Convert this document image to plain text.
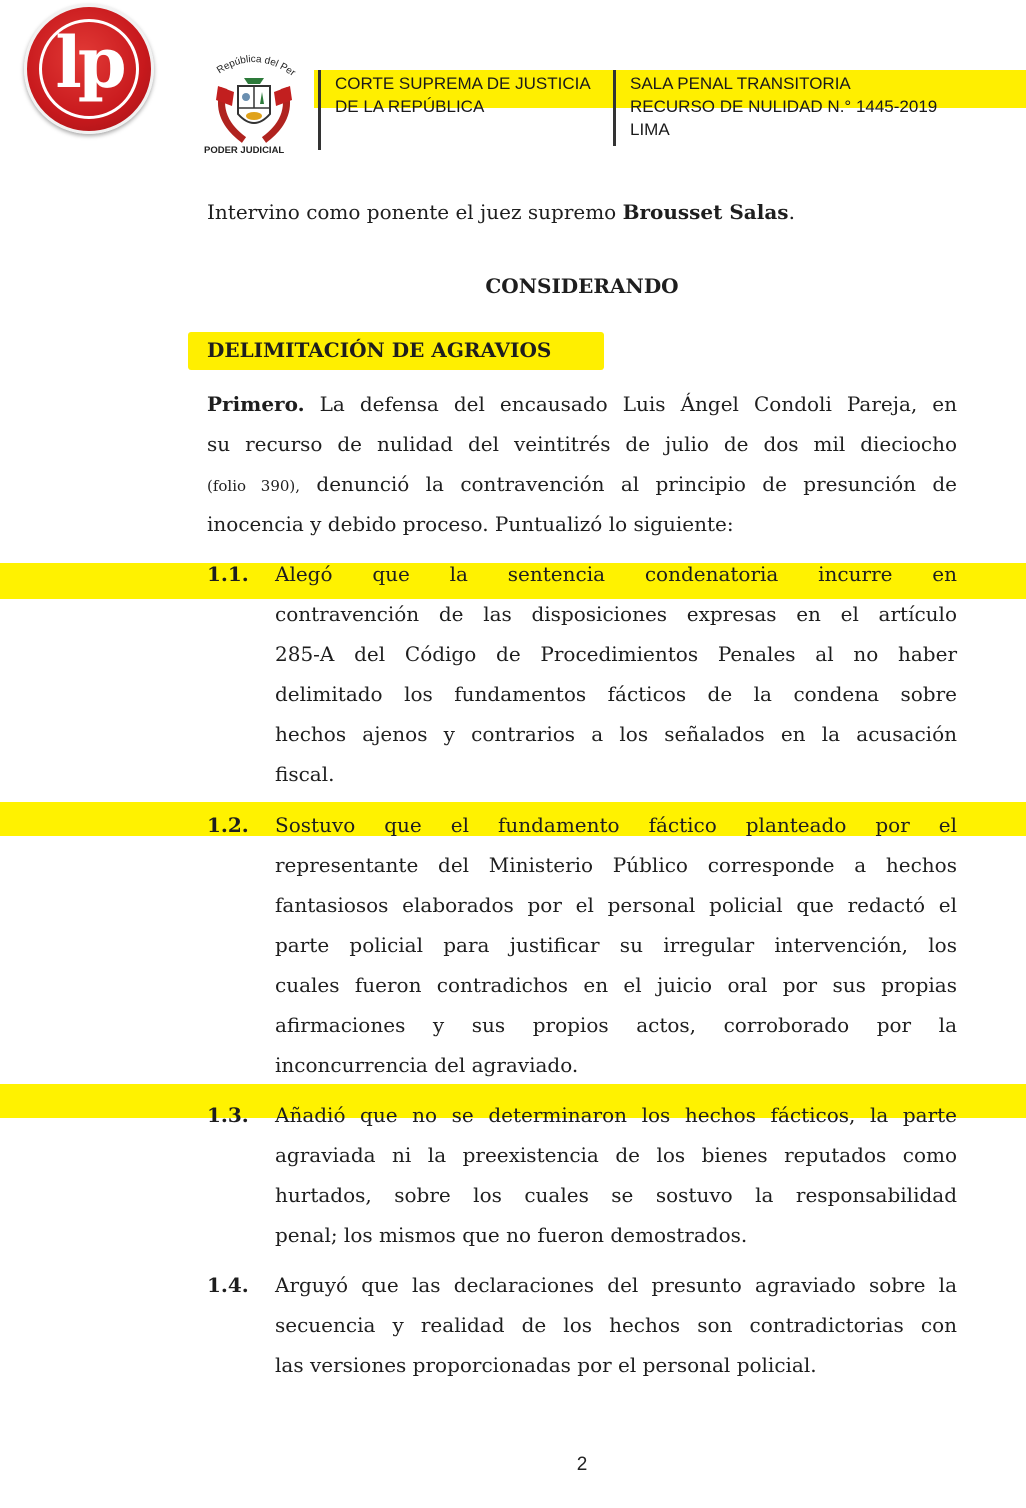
lp	República del Per
PODER JUDICIAL
CORTE SUPREMA DE JUSTICIA
DE LA REPÚBLICA
SALA PENAL TRANSITORIA
RECURSO DE NULIDAD N.° 1445-2019
LIMA
Intervino como ponente el juez supremo Brousset Salas.
CONSIDERANDO
DELIMITACIÓN DE AGRAVIOS
Primero. La defensa del encausado Luis Ángel Condoli Pareja, en
su recurso de nulidad del veintitrés de julio de dos mil dieciocho
(folio 390), denunció la contravención al principio de presunción de
inocencia y debido proceso. Puntualizó lo siguiente:
1.1. Alegó que la sentencia condenatoria incurre en
contravención de las disposiciones expresas en el artículo
285-A del Código de Procedimientos Penales al no haber
delimitado los fundamentos fácticos de la condena sobre
hechos ajenos y contrarios a los señalados en la acusación
fiscal.
1.2. Sostuvo que el fundamento fáctico planteado por el
representante del Ministerio Público corresponde a hechos
fantasiosos elaborados por el personal policial que redactó el
parte policial para justificar su irregular intervención, los
cuales fueron contradichos en el juicio oral por sus propias
afirmaciones y sus propios actos, corroborado por la
inconcurrencia del agraviado.
1.3. Añadió que no se determinaron los hechos fácticos, la parte
agraviada ni la preexistencia de los bienes reputados como
hurtados, sobre los cuales se sostuvo la responsabilidad
penal; los mismos que no fueron demostrados.
1.4. Arguyó que las declaraciones del presunto agraviado sobre la
secuencia y realidad de los hechos son contradictorias con
las versiones proporcionadas por el personal policial.
2
